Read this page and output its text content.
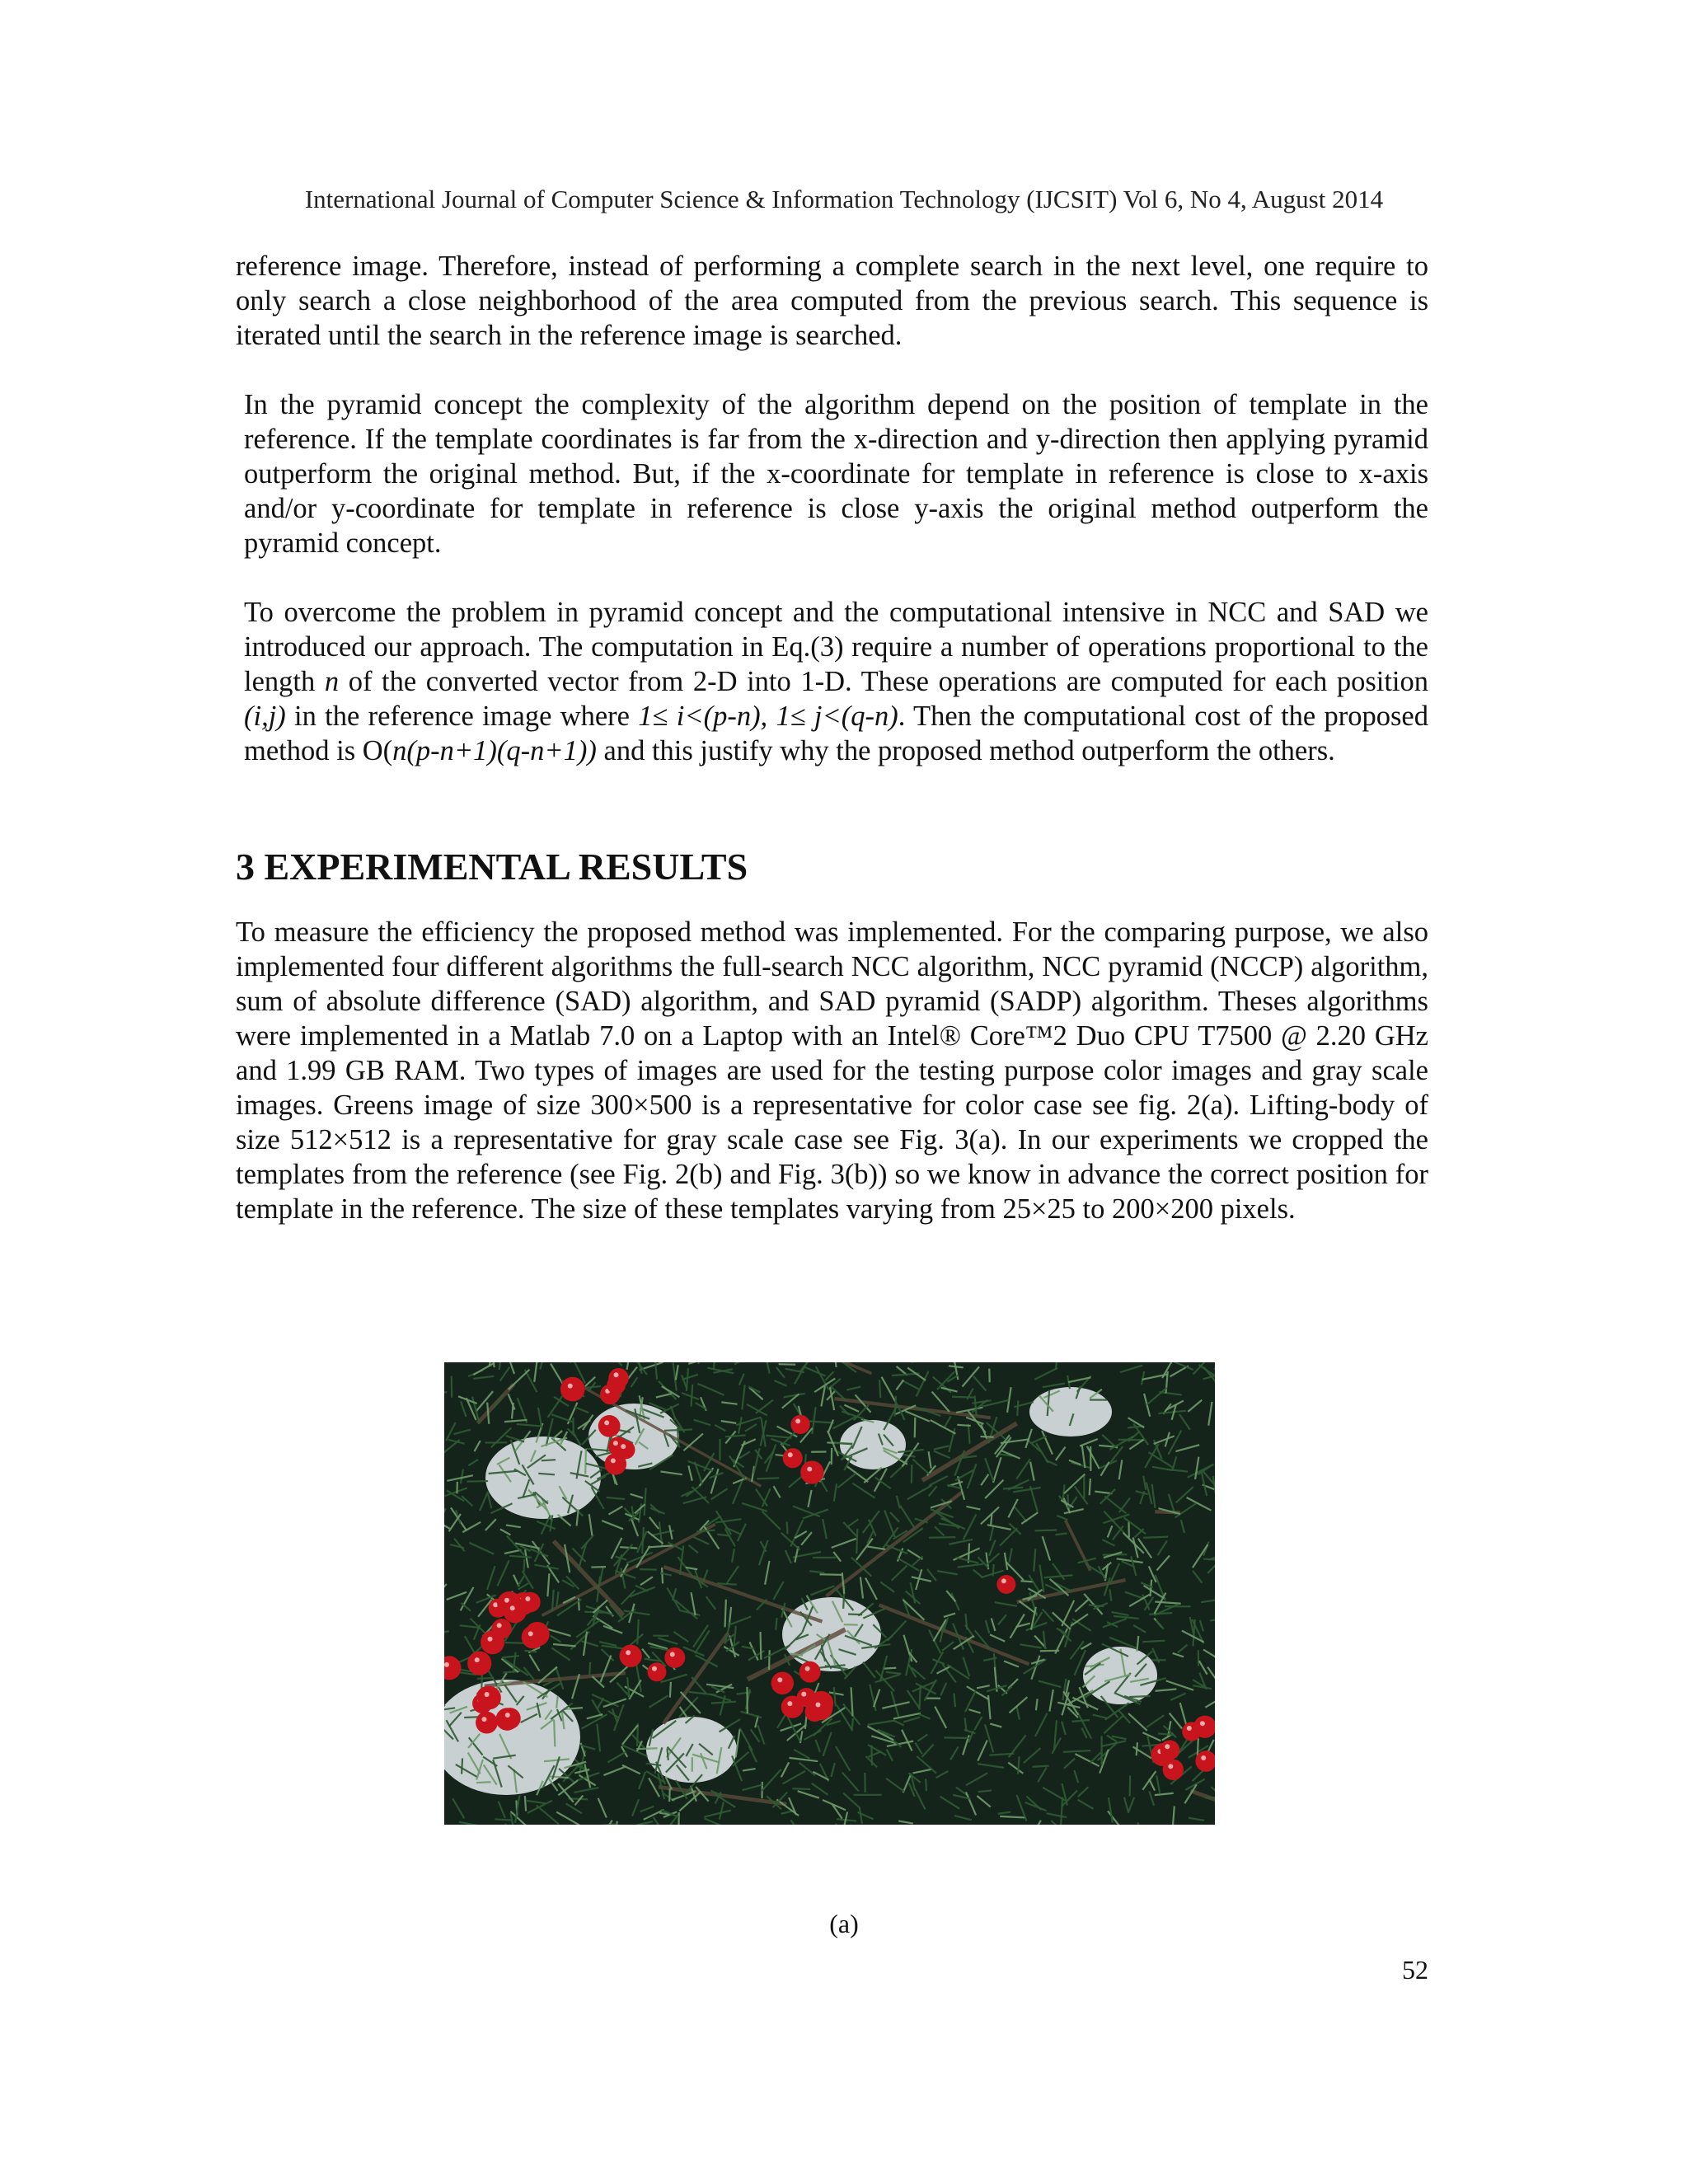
International Journal of Computer Science & Information Technology (IJCSIT) Vol 6, No 4, August 2014

reference image. Therefore, instead of performing a complete search in the next level, one require to only search a close neighborhood of the area computed from the previous search. This sequence is iterated until the search in the reference image is searched.

In the pyramid concept the complexity of the algorithm depend on the position of template in the reference. If the template coordinates is far from the x-direction and y-direction then applying pyramid outperform the original method. But, if the x-coordinate for template in reference is close to x-axis and/or y-coordinate for template in reference is close y-axis the original method outperform the pyramid concept.

To overcome the problem in pyramid concept and the computational intensive in NCC and SAD we introduced our approach. The computation in Eq.(3) require a number of operations proportional to the length n of the converted vector from 2-D into 1-D. These operations are computed for each position (i,j) in the reference image where 1≤ i<(p-n), 1≤ j<(q-n). Then the computational cost of the proposed method is O(n(p-n+1)(q-n+1)) and this justify why the proposed method outperform the others.

3 EXPERIMENTAL RESULTS

To measure the efficiency the proposed method was implemented. For the comparing purpose, we also implemented four different algorithms the full-search NCC algorithm, NCC pyramid (NCCP) algorithm, sum of absolute difference (SAD) algorithm, and SAD pyramid (SADP) algorithm. Theses algorithms were implemented in a Matlab 7.0 on a Laptop with an Intel® Core™2 Duo CPU T7500 @ 2.20 GHz and 1.99 GB RAM. Two types of images are used for the testing purpose color images and gray scale images. Greens image of size 300×500 is a representative for color case see fig. 2(a). Lifting-body of size 512×512 is a representative for gray scale case see Fig. 3(a). In our experiments we cropped the templates from the reference (see Fig. 2(b) and Fig. 3(b)) so we know in advance the correct position for template in the reference. The size of these templates varying from 25×25 to 200×200 pixels.

(a)
52
